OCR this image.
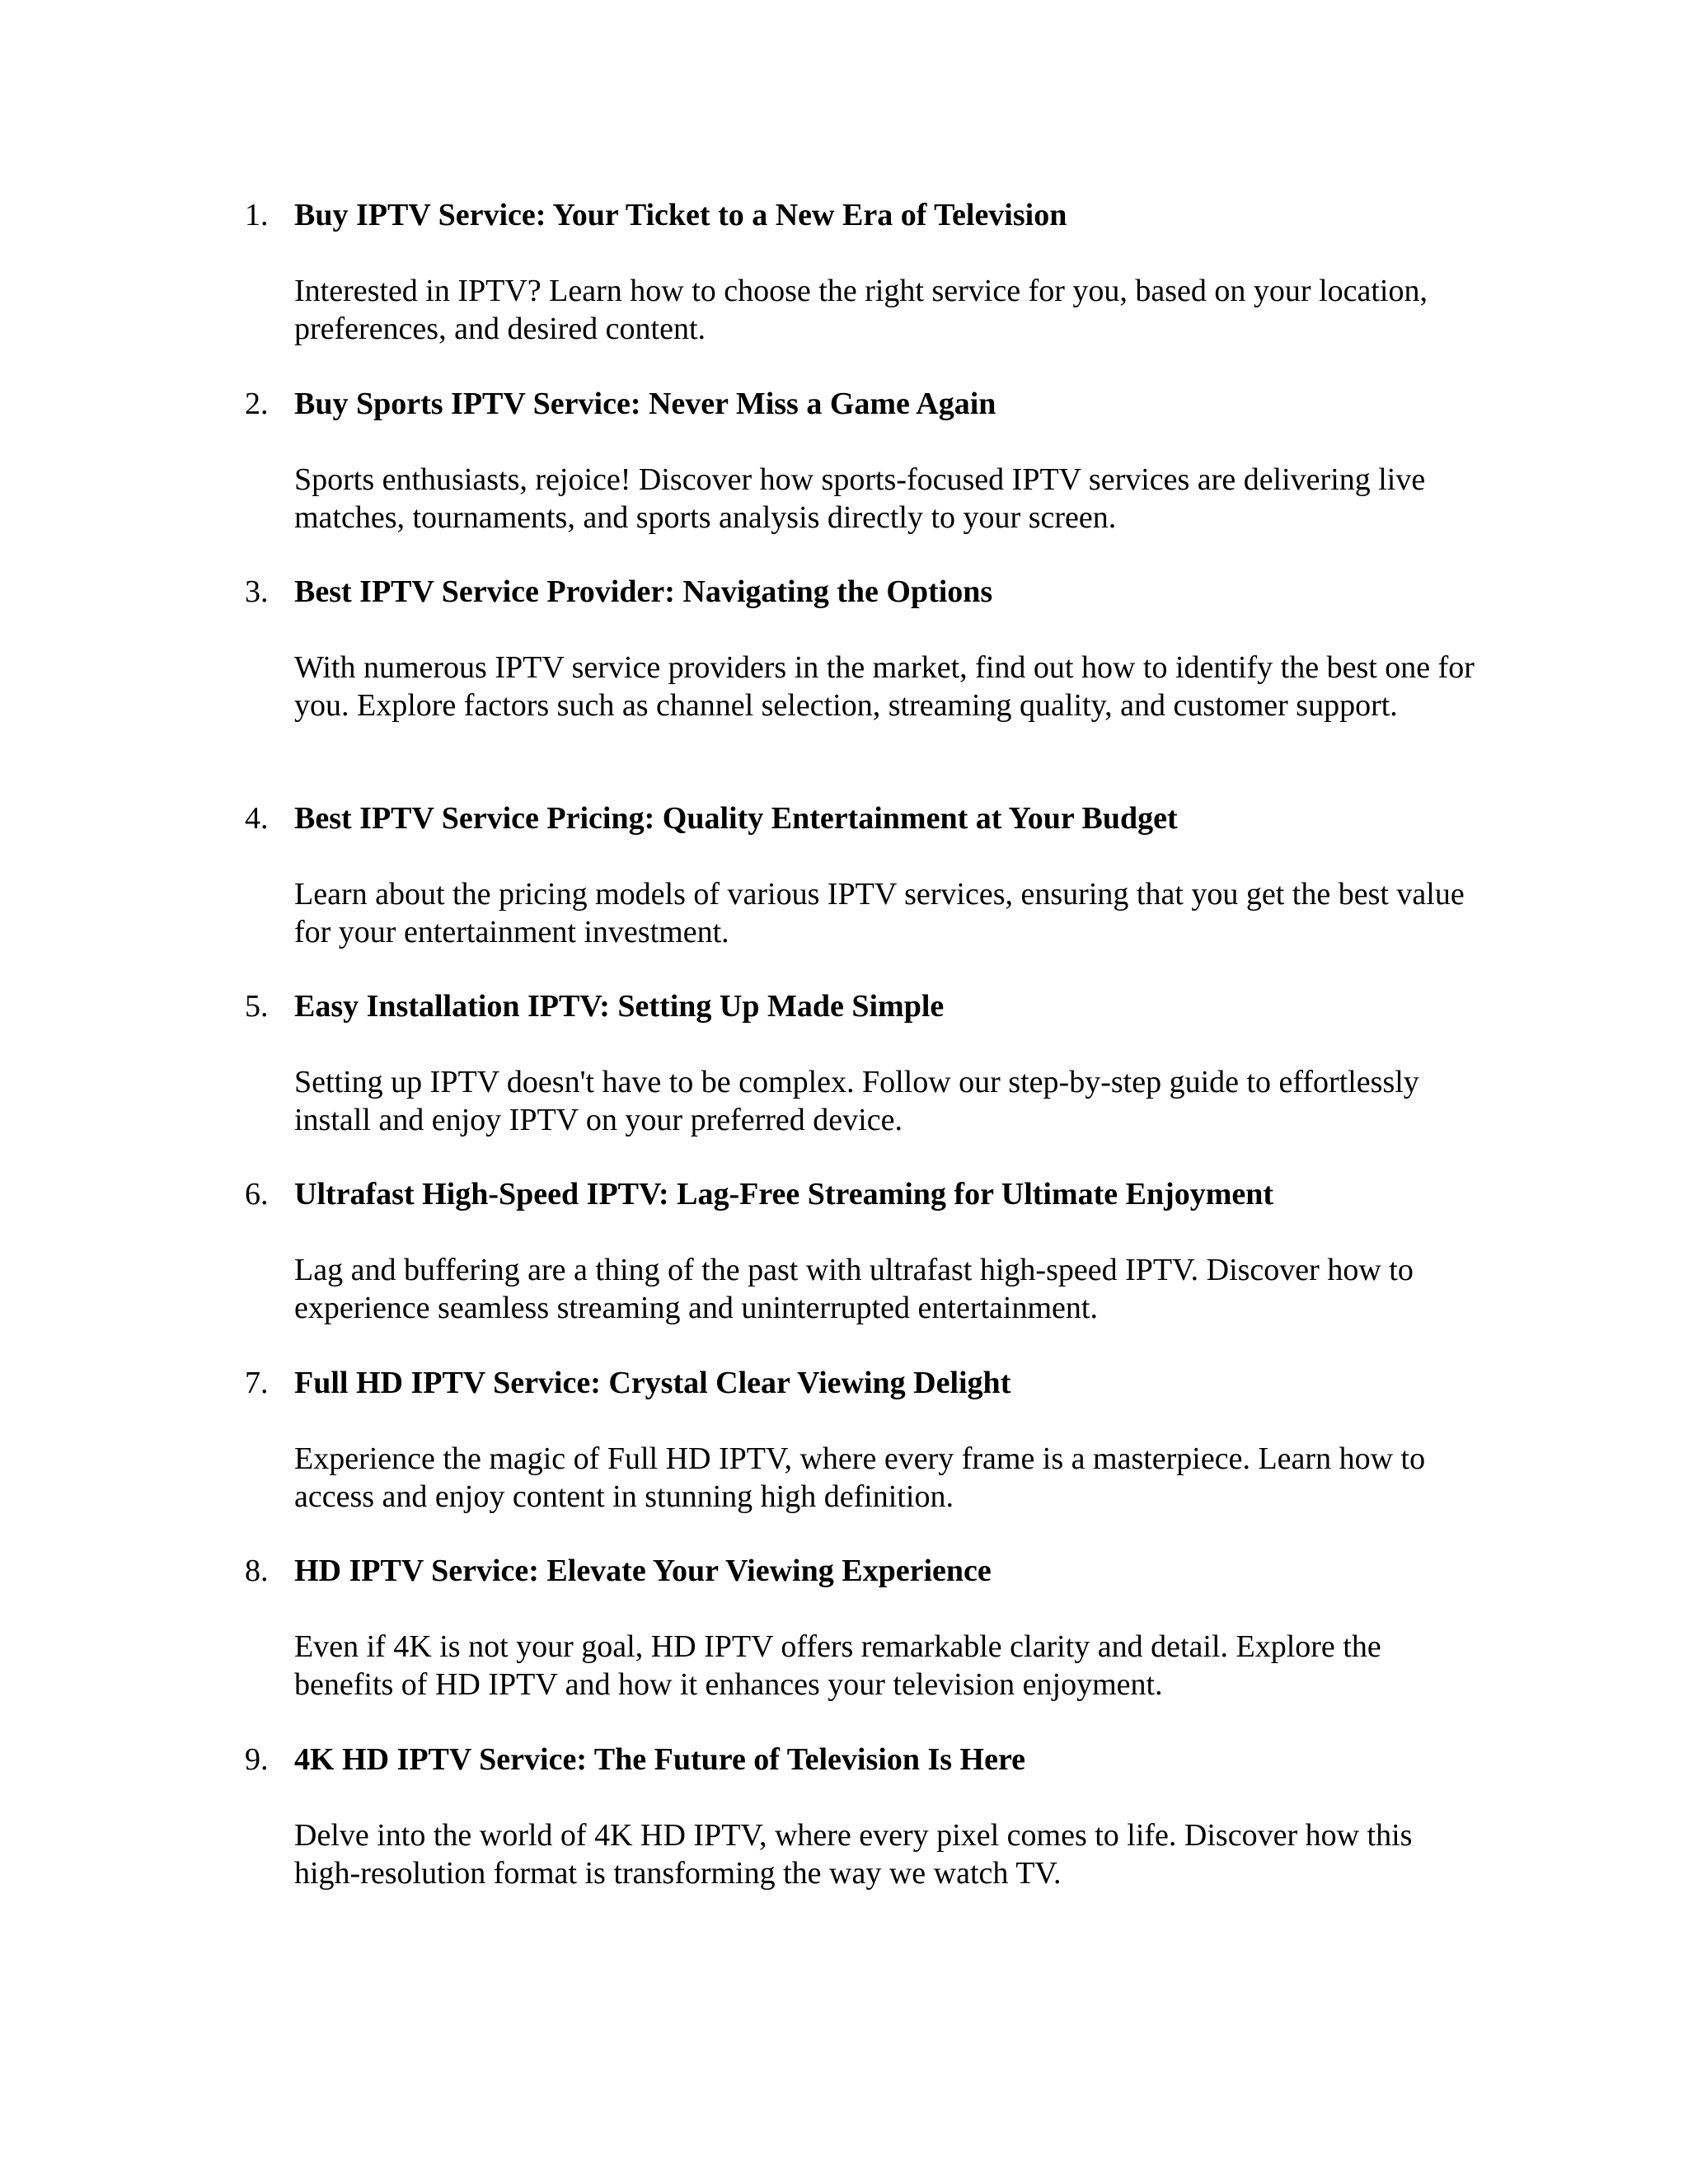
1. Buy IPTV Service: Your Ticket to a New Era of Television
Interested in IPTV? Learn how to choose the right service for you, based on your location, preferences, and desired content.
2. Buy Sports IPTV Service: Never Miss a Game Again
Sports enthusiasts, rejoice! Discover how sports-focused IPTV services are delivering live matches, tournaments, and sports analysis directly to your screen.
3. Best IPTV Service Provider: Navigating the Options
With numerous IPTV service providers in the market, find out how to identify the best one for you. Explore factors such as channel selection, streaming quality, and customer support.
4. Best IPTV Service Pricing: Quality Entertainment at Your Budget
Learn about the pricing models of various IPTV services, ensuring that you get the best value for your entertainment investment.
5. Easy Installation IPTV: Setting Up Made Simple
Setting up IPTV doesn't have to be complex. Follow our step-by-step guide to effortlessly install and enjoy IPTV on your preferred device.
6. Ultrafast High-Speed IPTV: Lag-Free Streaming for Ultimate Enjoyment
Lag and buffering are a thing of the past with ultrafast high-speed IPTV. Discover how to experience seamless streaming and uninterrupted entertainment.
7. Full HD IPTV Service: Crystal Clear Viewing Delight
Experience the magic of Full HD IPTV, where every frame is a masterpiece. Learn how to access and enjoy content in stunning high definition.
8. HD IPTV Service: Elevate Your Viewing Experience
Even if 4K is not your goal, HD IPTV offers remarkable clarity and detail. Explore the benefits of HD IPTV and how it enhances your television enjoyment.
9. 4K HD IPTV Service: The Future of Television Is Here
Delve into the world of 4K HD IPTV, where every pixel comes to life. Discover how this high-resolution format is transforming the way we watch TV.
